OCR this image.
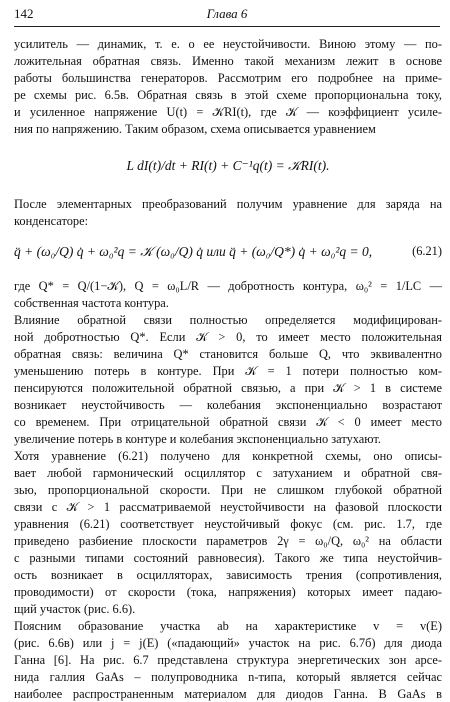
142	Глава 6
усилитель — динамик, т. е. о ее неустойчивости. Виною этому — по-
ложительная обратная связь. Именно такой механизм лежит в основе
работы большинства генераторов. Рассмотрим его подробнее на приме-
ре схемы рис. 6.5в. Обратная связь в этой схеме пропорциональна току,
и усиленное напряжение U(t) = 𝒦RI(t), где 𝒦 — коэффициент усиле-
ния по напряжению. Таким образом, схема описывается уравнением
L dI(t)/dt + RI(t) + C⁻¹q(t) = 𝒦RI(t).
После элементарных преобразований получим уравнение для заряда на
конденсаторе:
q̈ + (ω₀/Q) q̇ + ω₀²q = 𝒦 (ω₀/Q) q̇ или q̈ + (ω₀/Q*) q̇ + ω₀²q = 0,	(6.21)
где Q* = Q/(1−𝒦), Q = ω₀L/R — добротность контура, ω₀² = 1/LC —
собственная частота контура.
Влияние обратной связи полностью определяется модифицирован-
ной добротностью Q*. Если 𝒦 > 0, то имеет место положительная
обратная связь: величина Q* становится больше Q, что эквивалентно
уменьшению потерь в контуре. При 𝒦 = 1 потери полностью ком-
пенсируются положительной обратной связью, а при 𝒦 > 1 в системе
возникает неустойчивость — колебания экспоненциально возрастают
со временем. При отрицательной обратной связи 𝒦 < 0 имеет место
увеличение потерь в контуре и колебания экспоненциально затухают.
Хотя уравнение (6.21) получено для конкретной схемы, оно описы-
вает любой гармонический осциллятор с затуханием и обратной свя-
зью, пропорциональной скорости. При не слишком глубокой обратной
связи с 𝒦 > 1 рассматриваемой неустойчивости на фазовой плоскости
уравнения (6.21) соответствует неустойчивый фокус (см. рис. 1.7, где
приведено разбиение плоскости параметров 2γ = ω₀/Q, ω₀² на области
с разными типами состояний равновесия). Такого же типа неустойчив-
ость возникает в осцилляторах, зависимость трения (сопротивления,
проводимости) от скорости (тока, напряжения) которых имеет падаю-
щий участок (рис. 6.6).
Поясним образование участка ab на характеристике v = v(E)
(рис. 6.6в) или j = j(E) («падающий» участок на рис. 6.7б) для диода
Ганна [6]. На рис. 6.7 представлена структура энергетических зон арсе-
нида галлия GaAs – полупроводника n-типа, который является сейчас
наиболее распространенным материалом для диодов Ганна. В GaAs в
